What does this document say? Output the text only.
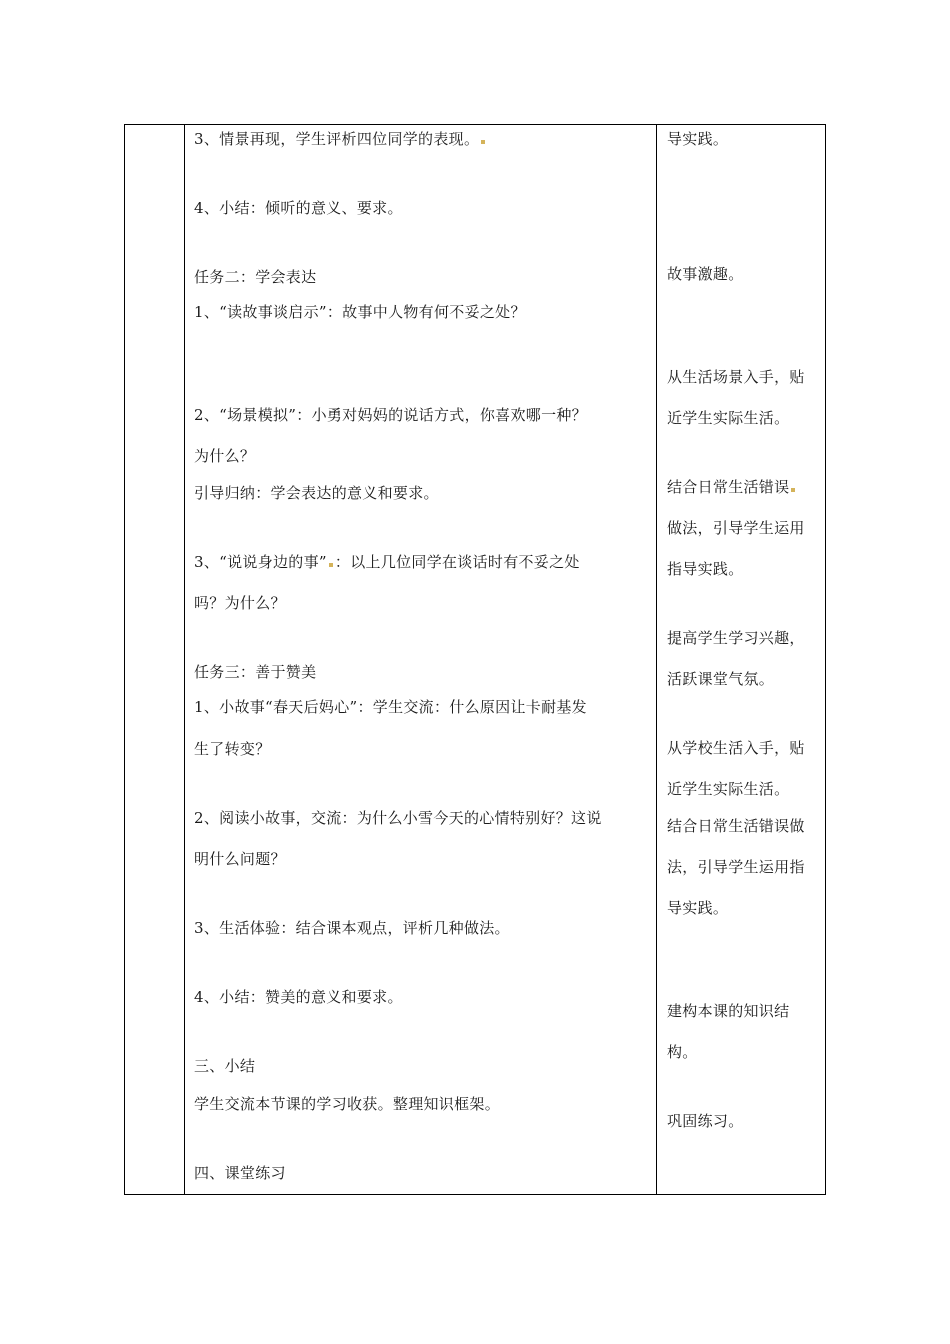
3、情景再现，学生评析四位同学的表现。
4、小结：倾听的意义、要求。
任务二：学会表达
1、“读故事谈启示”：故事中人物有何不妥之处？
2、“场景模拟”：小勇对妈妈的说话方式，你喜欢哪一种？
为什么？
引导归纳：学会表达的意义和要求。
3、“说说身边的事” ：以上几位同学在谈话时有不妥之处
吗？为什么？
任务三：善于赞美
1、小故事“春天后妈心”：学生交流：什么原因让卡耐基发
生了转变？
2、阅读小故事，交流：为什么小雪今天的心情特别好？这说
明什么问题？
3、生活体验：结合课本观点，评析几种做法。
4、小结：赞美的意义和要求。
三、小结
学生交流本节课的学习收获。整理知识框架。
四、课堂练习
导实践。
故事激趣。
从生活场景入手，贴
近学生实际生活。
结合日常生活错误
做法，引导学生运用
指导实践。
提高学生学习兴趣，
活跃课堂气氛。
从学校生活入手，贴
近学生实际生活。
结合日常生活错误做
法，引导学生运用指
导实践。
建构本课的知识结
构。
巩固练习。
